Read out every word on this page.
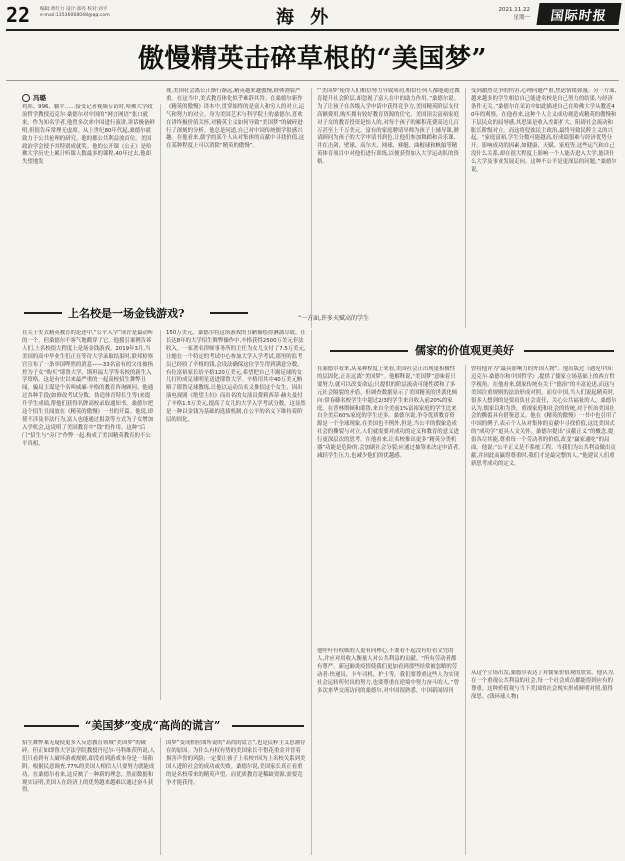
22 编辑:黄红力 设计:郑亮 校对:刘平
e-mail:13536068048@qq.com	海 外	2021.11.22
星期一	国际时报
傲慢精英击碎草根的“美国梦”
冯璐
鸡娃、996、躺平……接受记者视频专访时,哈佛大学政治哲学教授迈克尔·桑德尔对中国的“网言网语”张口就来。作为知名学者,他曾多次来中国进行演讲,讲话极备鲜明,但很告斥常理无虚席。从上世纪80年代起,桑德尔就致力于公共伦理的研究。他的都公共利益放首位。美国政治学会授予其特别成就奖。他的公开课《公正》是哈佛大学历史上累计听课人数最多的课程,40年过去,他却失望地发
现,美国社会离公正渐行渐远,精英越来越傲慢,群体割裂严重。在这当中,美式教育体化似乎难辞其咎。在桑德尔新作《精英的傲慢》译本中,贯穿始终的是富人和穷人的对立,运气和努力的对立。身为美国艺术与科学院士的桑德尔,喜欢在讲终极价值关怀,对精英主义如何导致“美国梦”的破碎进行了深刻的分析。他总是问道,自己对中国传统儒学很感兴趣。在他看来,儒学的某个人从对集体的贡献中寻找价值,这在某种程度上可以消除“精英的傲慢”。
“‘美国梦’使得人们相信努力导致成功,相信任何人都能通过教育提升社会阶层,却忽视了富人在中的助力作用。”桑德尔说。为了让孩子在各级入学申请中获得竞争力,美国精英阶层支付高额费用,购买拥有较好教育资源的住宅。美国顶尖富裕家庭对子女的教育投资是惊人的,对每个孩子的累积花费高达几百万甚至上千万美元。富有的家庭聘请导师为孩子上辅导课,聘请顾问为孩子的大学申请书润色,让他们参加舞蹈和音乐课,并在击剑、壁球、高尔夫、网球、赛艇、曲棍球和帆船等精英体育项目中对他们进行训练,以便获得加入大学运动队的资格。
“一方面,许多天赋高的学生
受到激烈竞争的伤害,心理问题严重,焦虑情绪弥漫。另一方面,越来越多的学生相信自己能进名校是自己努力的结果,与经济条件无关。”桑德尔在采访中如此描述自己在哈佛大学从教近40年的观察。在他看来,这种个人主义成功观造成精英的傲慢和下层民众的屈辱感,其思果是收入差距扩大、阻碍社会流动和胀长阶级对立。而这将侵蚀民主政治,最终导致民粹主义的兴起。“家庭富裕,学生分数可能越高,好成绩很难与经济优势分开。影响成功的因素,如健康、天赋、家庭等,这些运气和自己没什么关系,却在很大程度上影响一个人能否进入大学,能读什么大学及事业发展走向。这种不公平是更深层的问题。”桑德尔说。
上名校是一场金钱游戏?
儒家的价值观更美好
在关于美式精英教育的论述中,“公平入学”成许是最动听的一个。但桑德尔不客气地戳穿了它。他援引案例告诉人们,上名校很大程度上是场金钱游戏。2019年3月,当美国的高中毕业生们正在等待大学录取结果时,联邦检察官宣布了一条举国哗然的消息——33名富有的父母被指控为子女“购买”耶鲁大学、斯坦福大学等名校的新生入学资格。这是有史以来最严重的一起高校招生舞弊丑闻。骗局主谋是个名叫威廉·辛格的教育咨询顾问。他通过各种手段(如修改考试分数、伪造体育特长生等)来提升学生成绩,帮他们获得名牌高校录取通知书。桑德尔把这个招生丑闻放在《精英的傲慢》一书的开篇。他说,即使不涉及非法行为,富人也能通过捐款等方式为子女增加入学机会,这说明了美国教育中“钱”的作用。这种“后门”招生与“旁门”作弊一起,构成了美国精英教育的不公平真相。
150万美元。桑德尔将这场游戏的丑陋描绘得淋漓尽致。在长达8年的大学招生舞弊操作中,辛格获得2500万美元非法收入。一家著名律师事务所的主任为女儿支付了7.5万美元,让她在一个特定的考试中心参加大学入学考试,那里的监考员已经收了辛格的钱,会设法确保这位学生得到满意分数。有位富裕家长给辛格120万美元,希望把自己不踢足球的女儿打扮成足球明星送进耶鲁大学。辛格用其中40万美元贿赂了耶鲁足球教练,让他以运动员名义推招这个女生。因出演电视剧《绝望主妇》而出名的女演员费莉西蒂·赫夫曼付了辛格1.5万美元,提高了女儿的大学入学考试分数。这显然是一种以金钱为基础的选拔机制,在公平的名义下维持着阶层的固化。
在桑德尔看来,从某种程度上来看,美国社会正出现更积极性的层固化,正在远离“美国梦”。他解释说,“美国梦”意味着只要努力,就可以改变命运;只提供的阶层流动可能性缓和了多元社会隔裂的矛盾。但调查数据显示了美国精英的世袭化倾向:常春藤名校学生中超过2/3的学生来自收入前20%的家庭。在普林斯顿和耶鲁,来自全美前1%富裕家庭的学生比来自全美后60%家庭的学生还多。桑德尔说,争夺优质教育资源是一个全球现象,在美国也不例外,但是,当公平的假象造成社会的撕裂与对立,人们就需要对成功的定义和教育的意义进行更深层次的思考。在他看来,让名校推出更多“精英分类机器”功能是危险的,会加剧社会分裂;应通过抽签来决定申请者,减轻学生压力,也减少他们的优越感。
曾将他评为“最具影响力的外国人物”。他出版过《遇见中国:迈克尔·桑德尔和中国哲学》,提供了儒家立场基础上的西方哲学视角。在他看来,儒家传统有关于“德治”的丰富论述,而这与美国注重规则的法治形成对照。而在中国,当人们说起精英时,很多人想到的是要肩负社会责任、关心公共福祉的人。桑德尔认为,儒家以和为贵、重视家庭和社会的传统,对于医治美国社会的撕裂具有借鉴意义。他在《精英的傲慢》一书中也引用了中国的例子,表示个人从对集体的贡献中寻找价值,这比美国式的“成功学”更具人文关怀。桑德尔提出“贡献正义”的概念,提倡各尽其能,尊重每一个劳动者的价值,改变“赢家通吃”的局面。他说:“公平正义是不系统工程。当我们为公共利益做出贡献,并因此而赢得尊重时,我们才是最完整的人。”他建议人们重新思考成功的定义。
“美国梦”变成“高尚的谎言”
招生舞弊案无疑使更多人反思教育领域“美国梦”的破碎。但正如即鲁大学法学院教授丹尼尔·马科维茨所说,人们只看到有人破坏游戏规则,却没看到游戏本身是一场陷阱。根据民意调查,77%的美国人相信人只要努力就能成功。在桑德尔看来,这反映了一种新的理念。然而数据和现实证明,美国人在经济上的优势越来越难以通过奋斗获得。
国梦”变成柏拉图所说的“高尚的谎言”,也是民粹主义思潮存在的原因。为什么有权有势的美国家长不惜花重金并冒着损害声誉的风险,一定要让孩子上名校?因为上名校关系到美国人进阶社会的成功或失败。桑德尔说,美国家长真正看重的是名校带来的精英声望。而优质教育是稀缺资源,需要竞争才能获得。
他呼吁有权威的人更有同理心,不要看不起没有好看文凭的人,并应对用收入衡量人对公共利益的贡献。“所有劳动者都有尊严。新冠肺炎疫情使我们更加看到那些经常被忽略的劳动者:快递员、卡车司机、护士等。我们要尊重这些人为实现社会运转所付出的努力,也要尊重在逆境中努力奋斗的人。”曾多次来华交流访问的桑德尔,对中国很熟悉。中国新闻周刊
从这个立场出发,桑德尔表达了对儒家价值观的欣赏。他认为,在一个重视公共利益的社会,每一个社会成员都能得到应有的尊重。这种价值观与当下美国的社会现实形成鲜明对照,值得深思。(钱环球人物)
